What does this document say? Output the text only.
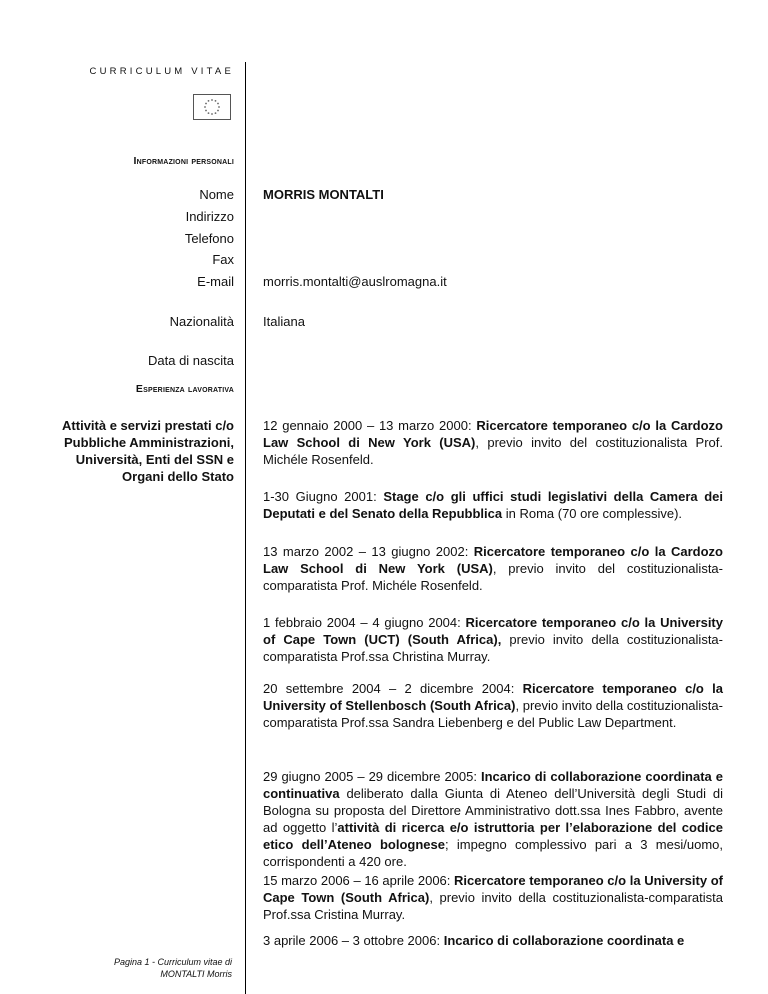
CURRICULUM VITAE
Informazioni personali
Nome
Indirizzo
Telefono
Fax
E-mail
Nazionalità
Data di nascita
MORRIS MONTALTI
morris.montalti@auslromagna.it
Italiana
Esperienza lavorativa
Attività e servizi prestati c/o Pubbliche Amministrazioni, Università, Enti del SSN e Organi dello Stato
12 gennaio 2000 – 13 marzo 2000: Ricercatore temporaneo c/o la Cardozo Law School di New York (USA), previo invito del costituzionalista Prof. Michéle Rosenfeld.
1-30 Giugno 2001: Stage c/o gli uffici studi legislativi della Camera dei Deputati e del Senato della Repubblica in Roma (70 ore complessive).
13 marzo 2002 – 13 giugno 2002: Ricercatore temporaneo c/o la Cardozo Law School di New York (USA), previo invito del costituzionalista-comparatista Prof. Michéle Rosenfeld.
1 febbraio 2004 – 4 giugno 2004: Ricercatore temporaneo c/o la University of Cape Town (UCT) (South Africa), previo invito della costituzionalista-comparatista Prof.ssa Christina Murray.
20 settembre 2004 – 2 dicembre 2004: Ricercatore temporaneo c/o la University of Stellenbosch (South Africa), previo invito della costituzionalista-comparatista Prof.ssa Sandra Liebenberg e del Public Law Department.
29 giugno 2005 – 29 dicembre 2005: Incarico di collaborazione coordinata e continuativa deliberato dalla Giunta di Ateneo dell’Università degli Studi di Bologna su proposta del Direttore Amministrativo dott.ssa Ines Fabbro, avente ad oggetto l’attività di ricerca e/o istruttoria per l’elaborazione del codice etico dell’Ateneo bolognese; impegno complessivo pari a 3 mesi/uomo, corrispondenti a 420 ore.
15 marzo 2006 – 16 aprile 2006: Ricercatore temporaneo c/o la University of Cape Town (South Africa), previo invito della costituzionalista-comparatista Prof.ssa Cristina Murray.
3 aprile 2006 – 3 ottobre 2006: Incarico di collaborazione coordinata e
Pagina 1 - Curriculum vitae di
MONTALTI Morris
